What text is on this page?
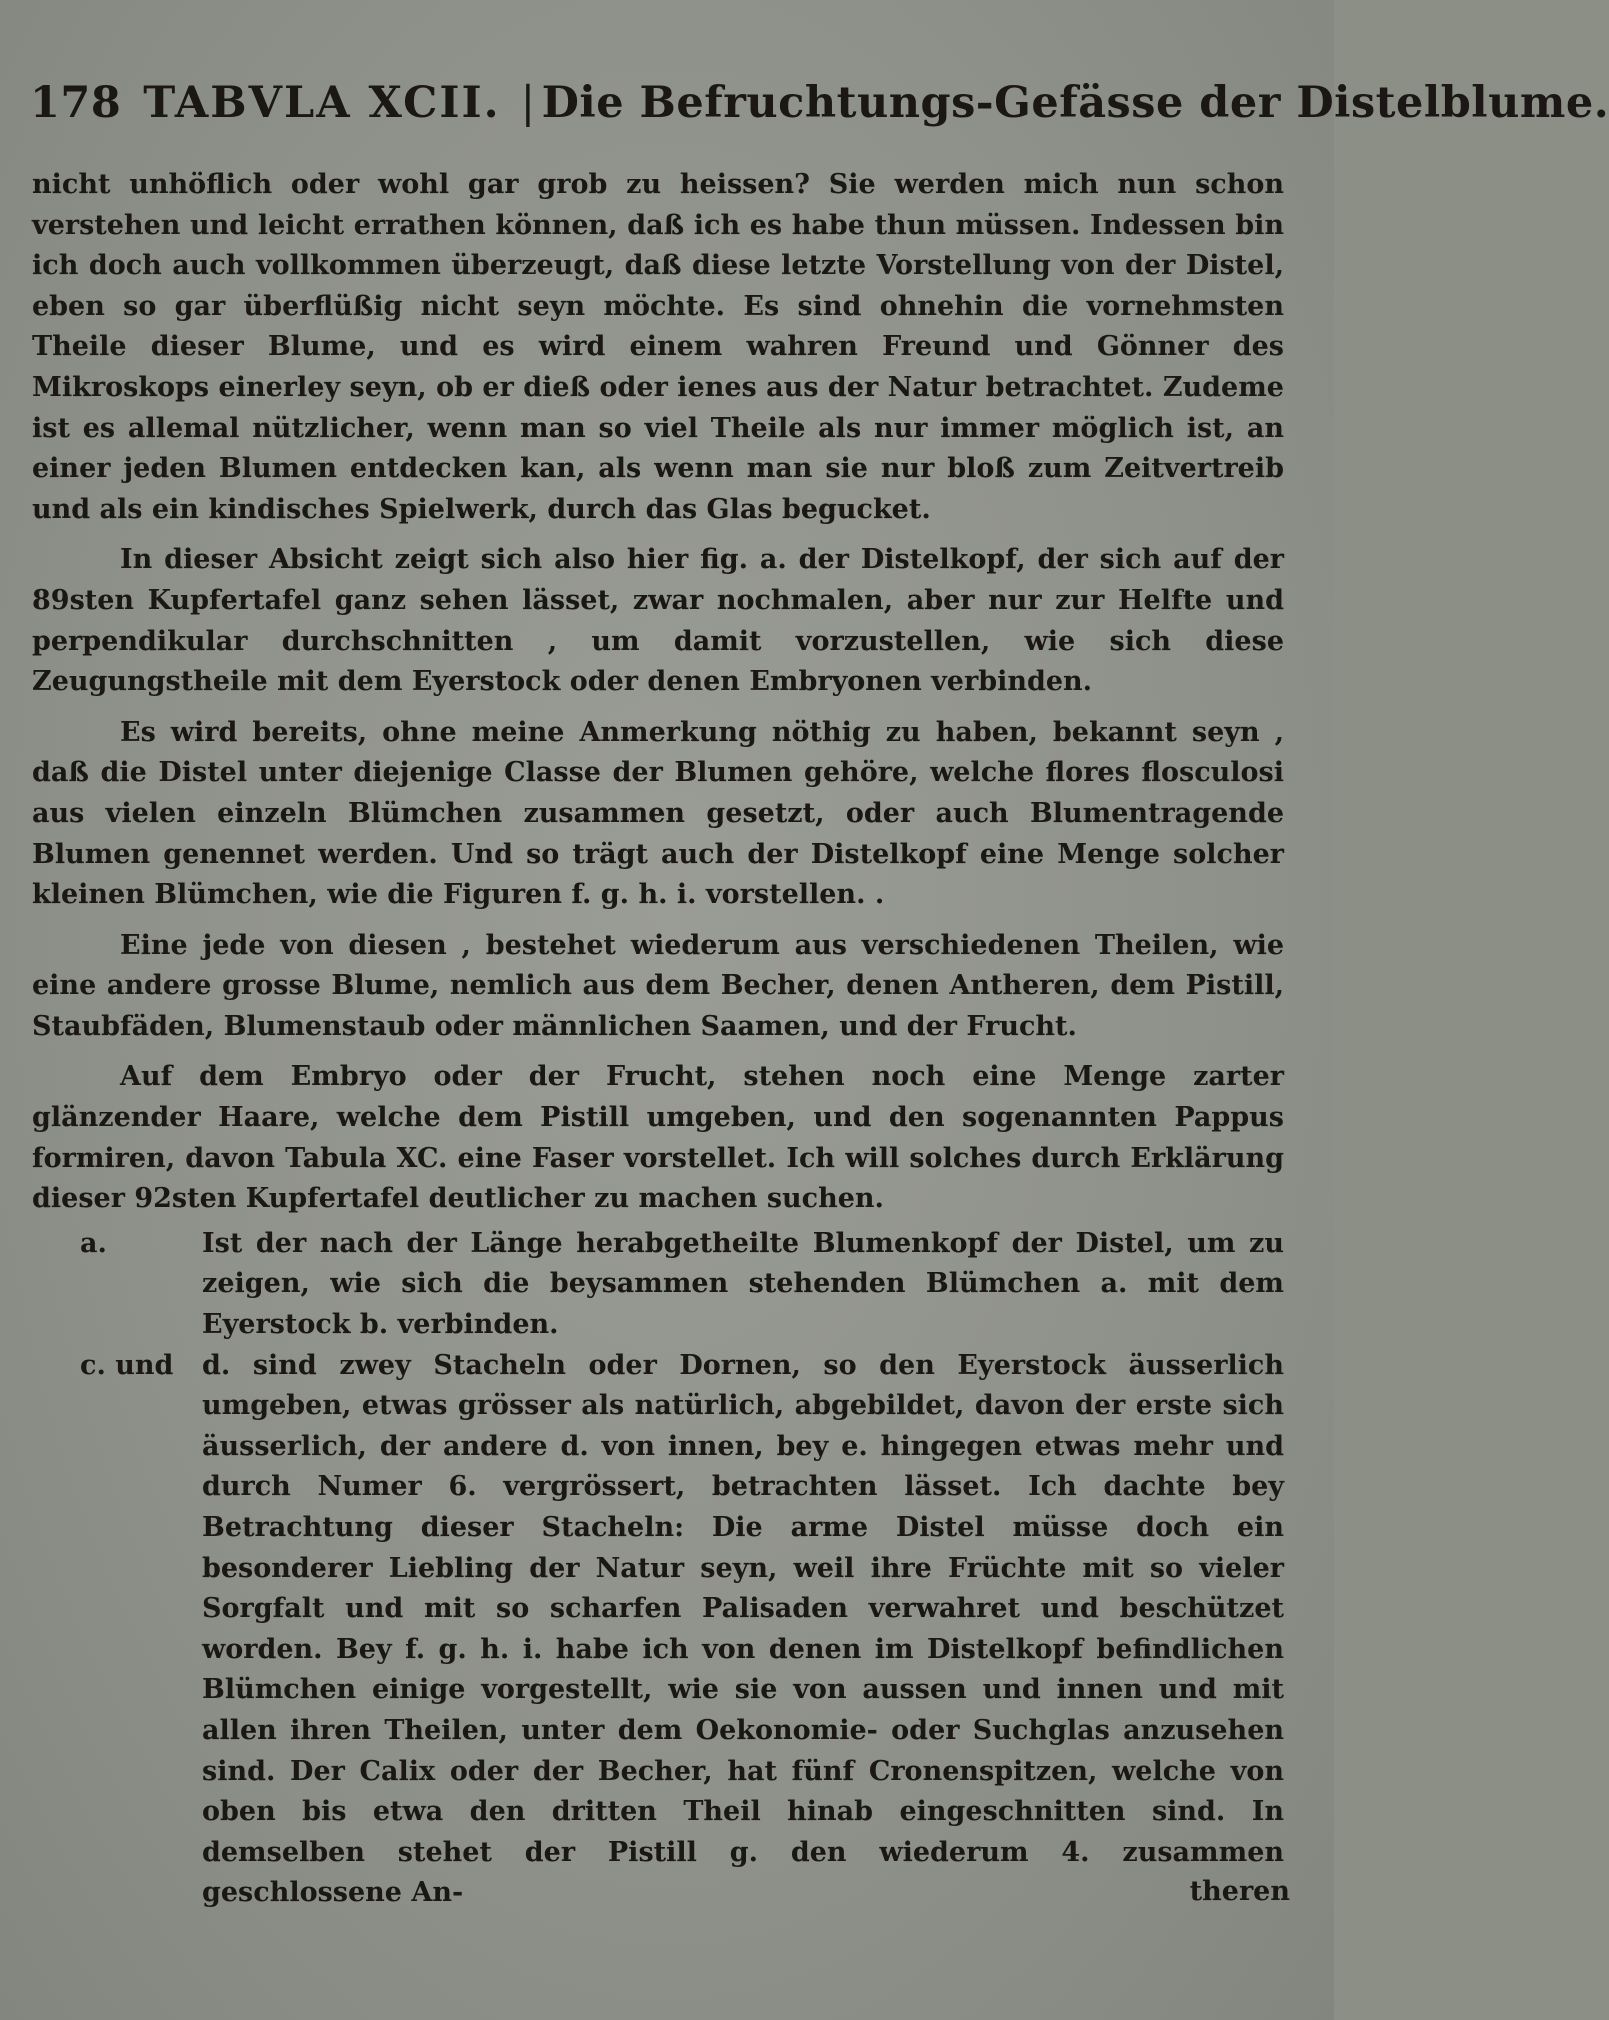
178 TABVLA XCII. | Die Befruchtungs-Gefässe der Distelblume.

nicht unhöflich oder wohl gar grob zu heissen? Sie werden mich nun schon verstehen und leicht errathen können, daß ich es habe thun müssen. Indessen bin ich doch auch vollkommen überzeugt, daß diese letzte Vorstellung von der Distel, eben so gar überflüßig nicht seyn möchte. Es sind ohnehin die vornehmsten Theile dieser Blume, und es wird einem wahren Freund und Gönner des Mikroskops einerley seyn, ob er dieß oder ienes aus der Natur betrachtet. Zudeme ist es allemal nützlicher, wenn man so viel Theile als nur immer möglich ist, an einer jeden Blumen entdecken kan, als wenn man sie nur bloß zum Zeitvertreib und als ein kindisches Spielwerk, durch das Glas begucket.

In dieser Absicht zeigt sich also hier fig. a. der Distelkopf, der sich auf der 89sten Kupfertafel ganz sehen lässet, zwar nochmalen, aber nur zur Helfte und perpendikular durchschnitten , um damit vorzustellen, wie sich diese Zeugungstheile mit dem Eyerstock oder denen Embryonen verbinden.

Es wird bereits, ohne meine Anmerkung nöthig zu haben, bekannt seyn , daß die Distel unter diejenige Classe der Blumen gehöre, welche flores flosculosi aus vielen einzeln Blümchen zusammen gesetzt, oder auch Blumentragende Blumen genennet werden. Und so trägt auch der Distelkopf eine Menge solcher kleinen Blümchen, wie die Figuren f. g. h. i. vorstellen. .

Eine jede von diesen , bestehet wiederum aus verschiedenen Theilen, wie eine andere grosse Blume, nemlich aus dem Becher, denen Antheren, dem Pistill, Staubfäden, Blumenstaub oder männlichen Saamen, und der Frucht.

Auf dem Embryo oder der Frucht, stehen noch eine Menge zarter glänzender Haare, welche dem Pistill umgeben, und den sogenannten Pappus formiren, davon Tabula XC. eine Faser vorstellet. Ich will solches durch Erklärung dieser 92sten Kupfertafel deutlicher zu machen suchen.

a.	Ist der nach der Länge herabgetheilte Blumenkopf der Distel, um zu zeigen, wie sich die beysammen stehenden Blümchen a. mit dem Eyerstock b. verbinden.
c. und	d. sind zwey Stacheln oder Dornen, so den Eyerstock äusserlich umgeben, etwas grösser als natürlich, abgebildet, davon der erste sich äusserlich, der andere d. von innen, bey e. hingegen etwas mehr und durch Numer 6. vergrössert, betrachten lässet. Ich dachte bey Betrachtung dieser Stacheln: Die arme Distel müsse doch ein besonderer Liebling der Natur seyn, weil ihre Früchte mit so vieler Sorgfalt und mit so scharfen Palisaden verwahret und beschützet worden. Bey f. g. h. i. habe ich von denen im Distelkopf befindlichen Blümchen einige vorgestellt, wie sie von aussen und innen und mit allen ihren Theilen, unter dem Oekonomie- oder Suchglas anzusehen sind. Der Calix oder der Becher, hat fünf Cronenspitzen, welche von oben bis etwa den dritten Theil hinab eingeschnitten sind. In demselben stehet der Pistill g. den wiederum 4. zusammen geschlossene An-	theren
